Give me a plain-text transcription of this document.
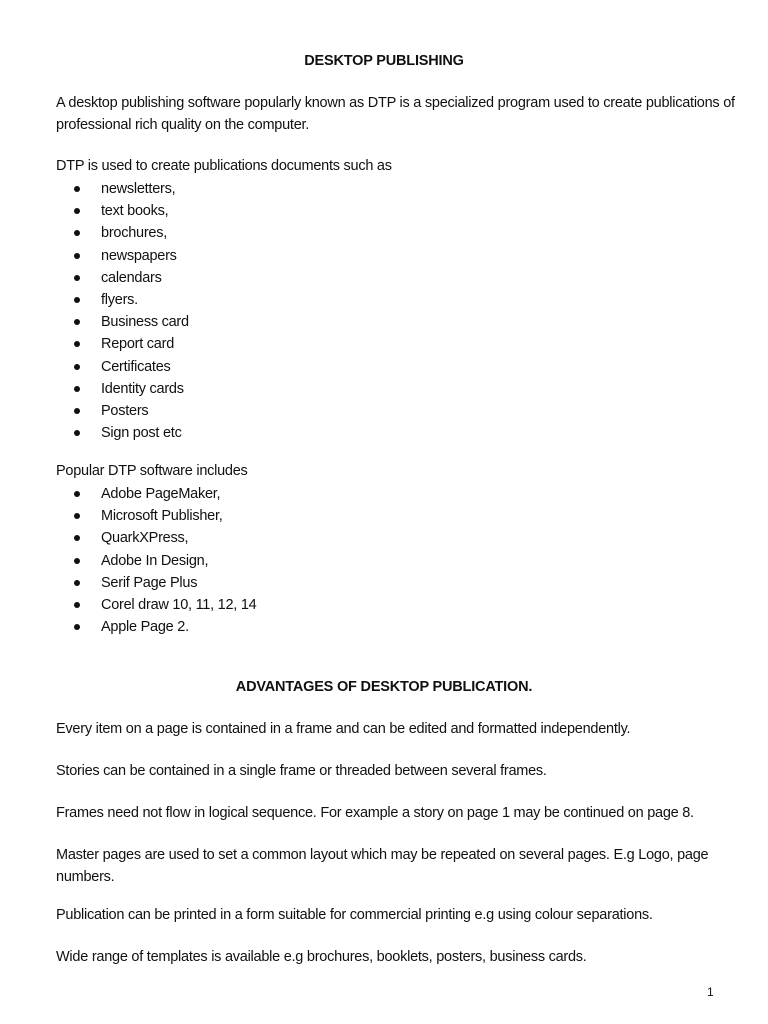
DESKTOP PUBLISHING
A desktop publishing software popularly known as DTP is a specialized program used to create publications of professional rich quality on the computer.
DTP is used to create publications documents such as
newsletters,
text books,
brochures,
newspapers
calendars
flyers.
Business card
Report card
Certificates
Identity cards
Posters
Sign post etc
Popular DTP software includes
Adobe PageMaker,
Microsoft Publisher,
QuarkXPress,
Adobe In Design,
Serif Page Plus
Corel draw 10, 11, 12, 14
Apple Page 2.
ADVANTAGES OF DESKTOP PUBLICATION.
Every item on a page is contained in a frame and can be edited and formatted independently.
Stories can be contained in a single frame or threaded between several frames.
Frames need not flow in logical sequence. For example a story on page 1 may be continued on page 8.
Master pages are used to set a common layout which may be repeated on several pages. E.g Logo, page numbers.
Publication can be printed in a form suitable for commercial printing e.g using colour separations.
Wide range of templates is available e.g brochures, booklets, posters, business cards.
1
